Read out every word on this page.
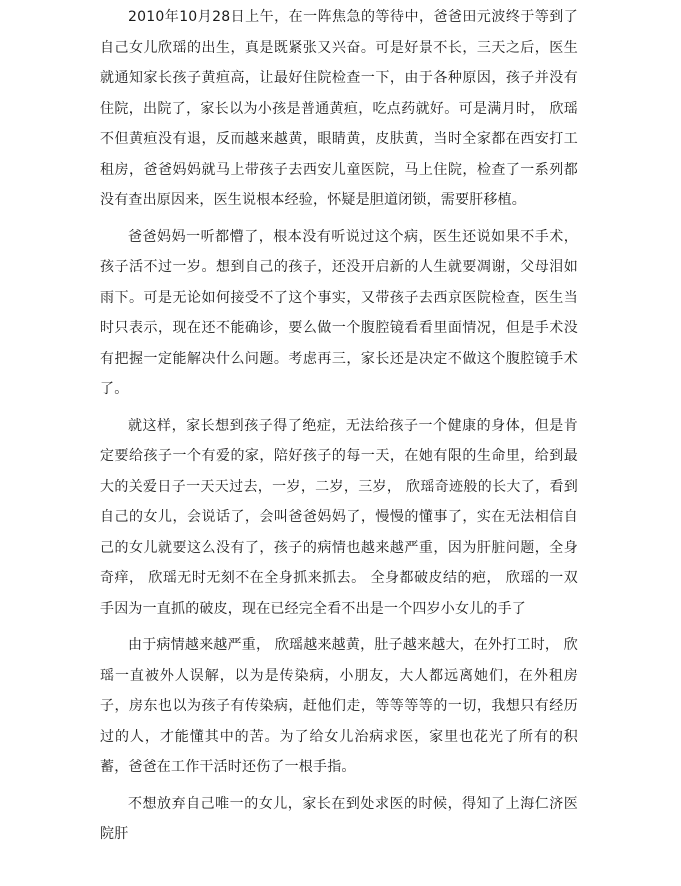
2010年10月28日上午，在一阵焦急的等待中，爸爸田元波终于等到了自己女儿欣瑶的出生，真是既紧张又兴奋。可是好景不长，三天之后，医生就通知家长孩子黄疸高，让最好住院检查一下，由于各种原因，孩子并没有住院，出院了，家长以为小孩是普通黄疸，吃点药就好。可是满月时， 欣瑶不但黄疸没有退，反而越来越黄，眼睛黄，皮肤黄，当时全家都在西安打工租房，爸爸妈妈就马上带孩子去西安儿童医院，马上住院，检查了一系列都没有查出原因来，医生说根本经验，怀疑是胆道闭锁，需要肝移植。

爸爸妈妈一听都懵了，根本没有听说过这个病，医生还说如果不手术，孩子活不过一岁。想到自己的孩子，还没开启新的人生就要凋谢，父母泪如雨下。可是无论如何接受不了这个事实，又带孩子去西京医院检查，医生当时只表示，现在还不能确诊，要么做一个腹腔镜看看里面情况，但是手术没有把握一定能解决什么问题。考虑再三，家长还是决定不做这个腹腔镜手术了。

就这样，家长想到孩子得了绝症，无法给孩子一个健康的身体，但是肯定要给孩子一个有爱的家，陪好孩子的每一天，在她有限的生命里，给到最大的关爱日子一天天过去，一岁，二岁，三岁， 欣瑶奇迹般的长大了，看到自己的女儿，会说话了，会叫爸爸妈妈了，慢慢的懂事了，实在无法相信自己的女儿就要这么没有了，孩子的病情也越来越严重，因为肝脏问题，全身奇痒， 欣瑶无时无刻不在全身抓来抓去。 全身都破皮结的疤， 欣瑶的一双手因为一直抓的破皮，现在已经完全看不出是一个四岁小女儿的手了

由于病情越来越严重， 欣瑶越来越黄，肚子越来越大，在外打工时， 欣瑶一直被外人误解，以为是传染病，小朋友，大人都远离她们，在外租房子，房东也以为孩子有传染病，赶他们走，等等等等的一切，我想只有经历过的人，才能懂其中的苦。为了给女儿治病求医，家里也花光了所有的积蓄，爸爸在工作干活时还伤了一根手指。

不想放弃自己唯一的女儿，家长在到处求医的时候，得知了上海仁济医院肝
